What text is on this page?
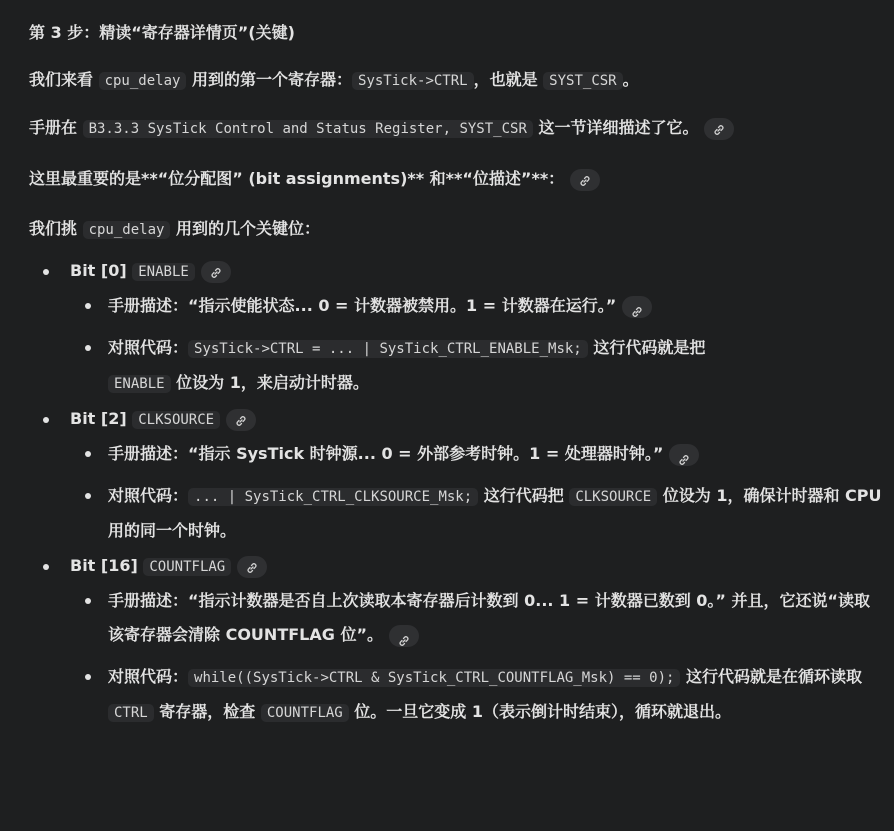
第 3 步：精读“寄存器详情页”(关键)

我们来看 cpu_delay 用到的第一个寄存器： SysTick->CTRL ，也就是 SYST_CSR 。

手册在 B3.3.3 SysTick Control and Status Register, SYST_CSR 这一节详细描述了它。

这里最重要的是**“位分配图” (bit assignments)** 和**“位描述”**：

我们挑 cpu_delay 用到的几个关键位：

Bit [0] ENABLE
手册描述：“指示使能状态... 0 = 计数器被禁用。1 = 计数器在运行。”
对照代码： SysTick->CTRL = ... | SysTick_CTRL_ENABLE_Msk; 这行代码就是把
ENABLE 位设为 1，来启动计时器。
Bit [2] CLKSOURCE
手册描述：“指示 SysTick 时钟源... 0 = 外部参考时钟。1 = 处理器时钟。”
对照代码： ... | SysTick_CTRL_CLKSOURCE_Msk; 这行代码把 CLKSOURCE 位设为 1，确保计时器和 CPU 用的同一个时钟。
Bit [16] COUNTFLAG
手册描述：“指示计数器是否自上次读取本寄存器后计数到 0... 1 = 计数器已数到 0。” 并且，它还说“读取该寄存器会清除 COUNTFLAG 位”。
对照代码： while((SysTick->CTRL & SysTick_CTRL_COUNTFLAG_Msk) == 0); 这行代码就是在循环读取 CTRL 寄存器，检查 COUNTFLAG 位。一旦它变成 1（表示倒计时结束），循环就退出。
